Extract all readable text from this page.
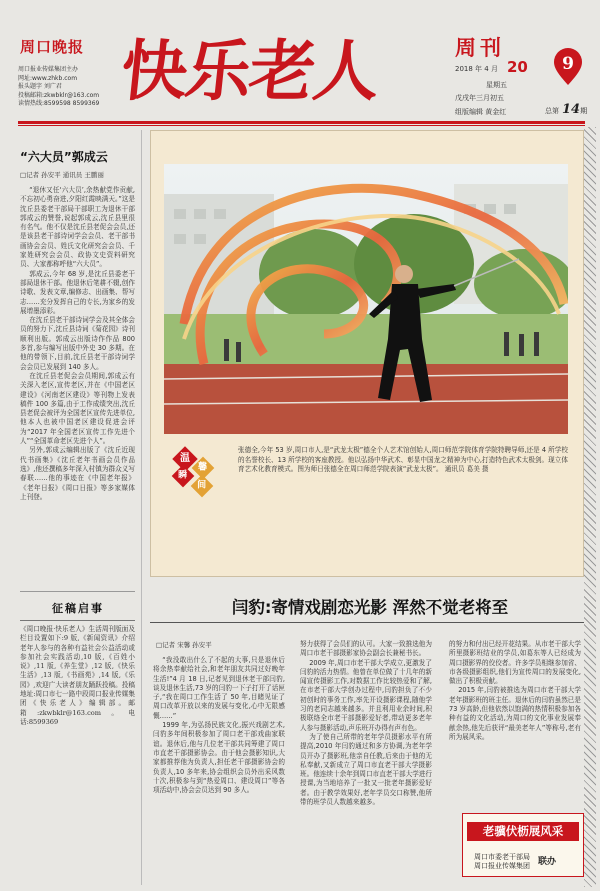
周口晚报
周口报业传媒集团主办
网址:www.zhkb.com
报头题字 刘广君
投稿邮箱:zkwbklr@163.com
读情热线:8599598 8599369 快乐老人	周刊
9
2018 年 4 月 20
星期五
戊戌年三月初五
组版编辑 黄金红	总第 14期
“六大员”郭成云
□记者 孙安平 通讯员 王鹏丽

“退休又任‘六大员’,余热献党作贡献,不忘初心勇奋进,夕阳红霞映满天。”这是沈丘县委老干部局干部职工为退休干部郭成云的赞誉,说起郭成云,沈丘县里很有名气。他不仅是沈丘县老促会会员,还是该县老干部诗词学会会员、老干部书画协会会员、姓氏文化研究会会员、千家姓研究会会员、政协文史资料研究员、大家都称呼他“六大员”。

郭成云,今年 68 岁,是沈丘县委老干部局退休干部。他退休后笔耕不辍,创作诗歌、发表文章,编修志、出画集、帮写志……充分发挥自己的专长,为家乡的发展增墨添彩。

在沈丘县老干部诗词学会及其全体会员的努力下,沈丘县诗词《菊花园》诗刊顺利出版。郭成云出版诗作作品 800 多首,参与编写出版中外史 30 多期。在他的带领下,目前,沈丘县老干部诗词学会会员已发展到 140 多人。

在沈丘县老促会会员期间,郭成云有关深入老区,宣传老区,并在《中国老区建设》《河南老区建设》等刊物上发表稿件 100 多篇,由于工作成绩突出,沈丘县老促会被评为全国老区宣传先进单位,他本人也被中国老区建设促进会评为“2017 年全国老区宣传工作先进个人”“全国革命老区先进个人”。

另外,郭成云编辑出版了《沈丘近现代书画集》《沈丘老年书画会员作品选》,他还撰稿多年深入村镇为群众义写春联……他的事迹在《中国老年报》《老年日报》《周口日报》等多家媒体上刊登。

征稿启事
《周口晚报·快乐老人》生活周刊版面及栏目设置如下:9 版,《新闻资讯》介绍老年人参与的各种有益社会公益活动或参加社会实践活动,10 版,《百姓小说》,11 版,《养生堂》,12 版,《快乐生活》,13 版,《书画苑》,14 版,《乐园》,欢迎广大读者朋友踊跃投稿。投稿地址:周口市七一路中段周口报业传媒集团《快乐老人》编辑部。邮箱:zkwbklr@163.com。电话:8599369
温
馨
瞬
间
张德全,今年 53 岁,周口市人,是“武龙太极”德全个人艺术馆创始人,周口师范学院体育学院特聘导师,还是 4 所学校的名誉校长、13 所学校的客座教授。他以弘扬中华武术、彰显中国龙之精神为中心,打造特色武术太极剑。现立体育艺术化教育模式。图为师日张德全在周口师范学院表演“武龙太极”。 通讯员 葛美 摄
闫豹:寄情戏剧恋光影 浑然不觉老将至
□记者 宋馨 孙安平

“我没敢出什么了不起的大事,只是退休后将余热奉献给社会,和老年朋友共同过好晚年生活!”4 月 18 日,记者见到退休老干部闫豹,谈及退休生活,73 岁的闫豹一下子打开了话匣子,“我在周口工作生活了 50 年,目睹见证了周口改革开放以来的发展与变化,心中无限感慨……”

1999 年,为弘扬民族文化,振兴戏剧艺术,闫豹多年间积极参加了周口老干部戏曲家联谊。退休后,他与几位老干部共同筹建了周口市直老干部摄影协会。由于他会摄影知识,大家都推荐他为负责人,担任老干部摄影协会的负责人,10 多年来,协会组织会员外出采风数十次,积极参与到“热爱周口、建设周口”等各项活动中,协会会员达到 90 多人。

努力获得了会员们的认可。大家一致推选他为周口市老干部摄影家协会副会长兼秘书长。

2009 年,周口市老干部大学成立,更激发了闫豹的活力热情。他曾在单位做了十几年的新闻宣传摄影工作,对数据工作比较热爱和了解,在市老干部大学创办过程中,闫豹担负了不少初创时的事务工作,率先开设摄影课程,随他学习的老同志越来越多。并且利用业余时间,积极联络全市老干部摄影爱好者,带动更多老年人参与摄影活动,声乐班开办得有声有色。

为了使自己所带的老年学员摄影水平有所提高,2010 年闫豹通过和多方协调,为老年学员开办了摄影班,他亲自任教,后来由于他的无私奉献,又新成立了周口市直老干部大学摄影班。他连续十余年到周口市直老干部大学进行授课,为当地培养了一批又一批老年摄影爱好者。由于教学效果好,老年学员交口称赞,他所带的班学员人数越来越多。

的努力和付出已经开花结果。从市老干部大学所里摄影班结业的学员,如葛东等人已经成为周口摄影界的佼佼者。许多学员相继参加省、市各级摄影组织,他们为宣传周口的发展变化,做出了积极贡献。

2015 年,闫豹被推选为周口市老干部大学老年摄影班的班主任。退休后的闫豹虽然已是 73 岁高龄,但他依然以饱满的热情积极参加各种有益的文化活动,为周口的文化事业发展奉献余热,他先后获评“最美老年人”等称号,老有所为展风采。

老骥伏枥展风采
周口市委老干部局
周口报业传媒集团 联办
